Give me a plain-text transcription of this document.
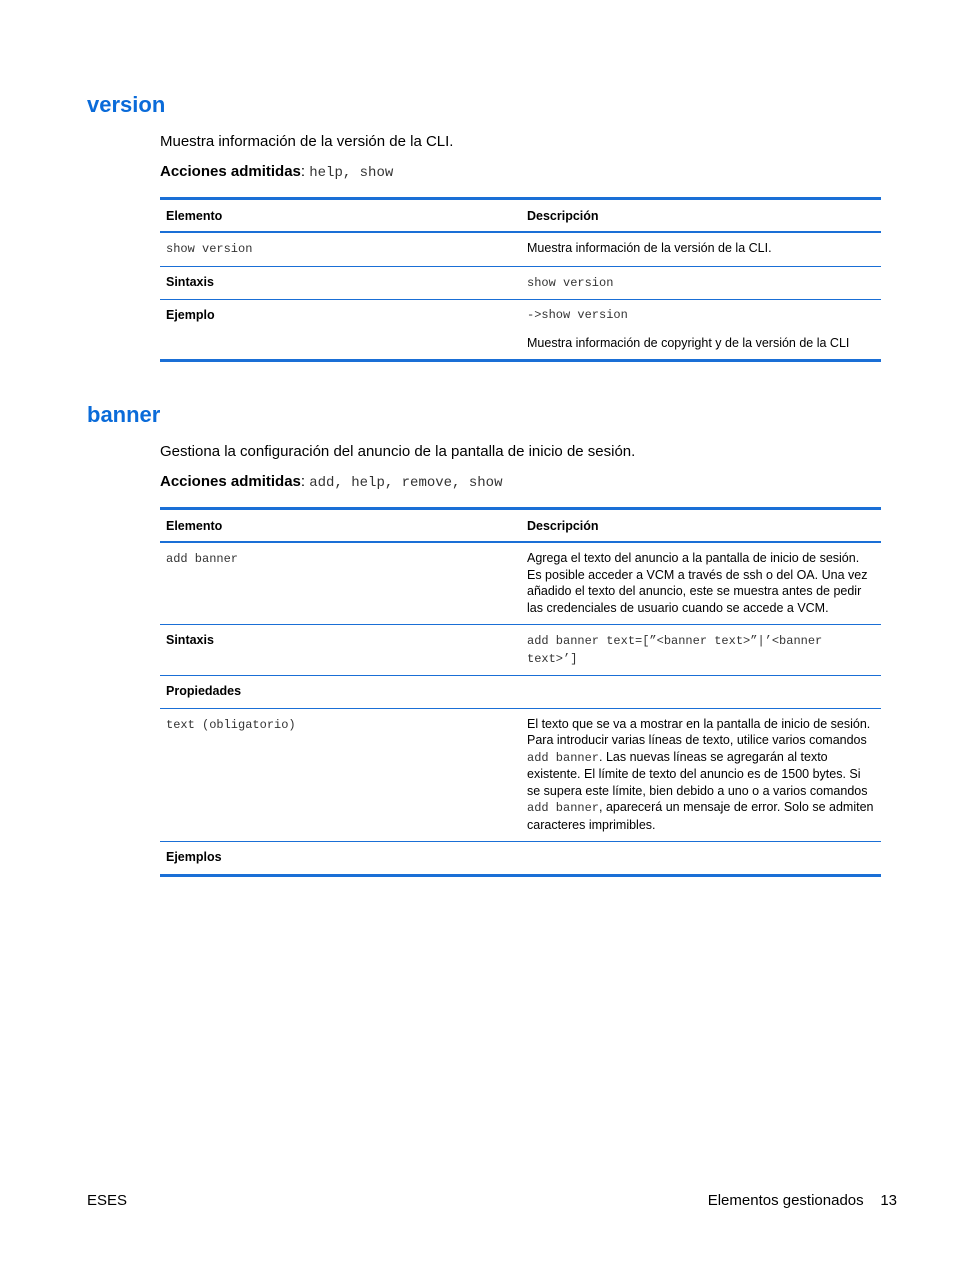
version

Muestra información de la versión de la CLI.

Acciones admitidas: help, show

Elemento	Descripción
show version	Muestra información de la versión de la CLI.
Sintaxis	show version
Ejemplo	->show version

Muestra información de copyright y de la versión de la CLI

banner

Gestiona la configuración del anuncio de la pantalla de inicio de sesión.

Acciones admitidas: add, help, remove, show

Elemento	Descripción
add banner	Agrega el texto del anuncio a la pantalla de inicio de sesión. Es posible acceder a VCM a través de ssh o del OA. Una vez añadido el texto del anuncio, este se muestra antes de pedir las credenciales de usuario cuando se accede a VCM.
Sintaxis	add banner text=[”<banner text>”|’<banner text>’]
Propiedades	
text (obligatorio)	El texto que se va a mostrar en la pantalla de inicio de sesión. Para introducir varias líneas de texto, utilice varios comandos add banner. Las nuevas líneas se agregarán al texto existente. El límite de texto del anuncio es de 1500 bytes. Si se supera este límite, bien debido a uno o a varios comandos add banner, aparecerá un mensaje de error. Solo se admiten caracteres imprimibles.
Ejemplos	
ESES	Elementos gestionados 13
